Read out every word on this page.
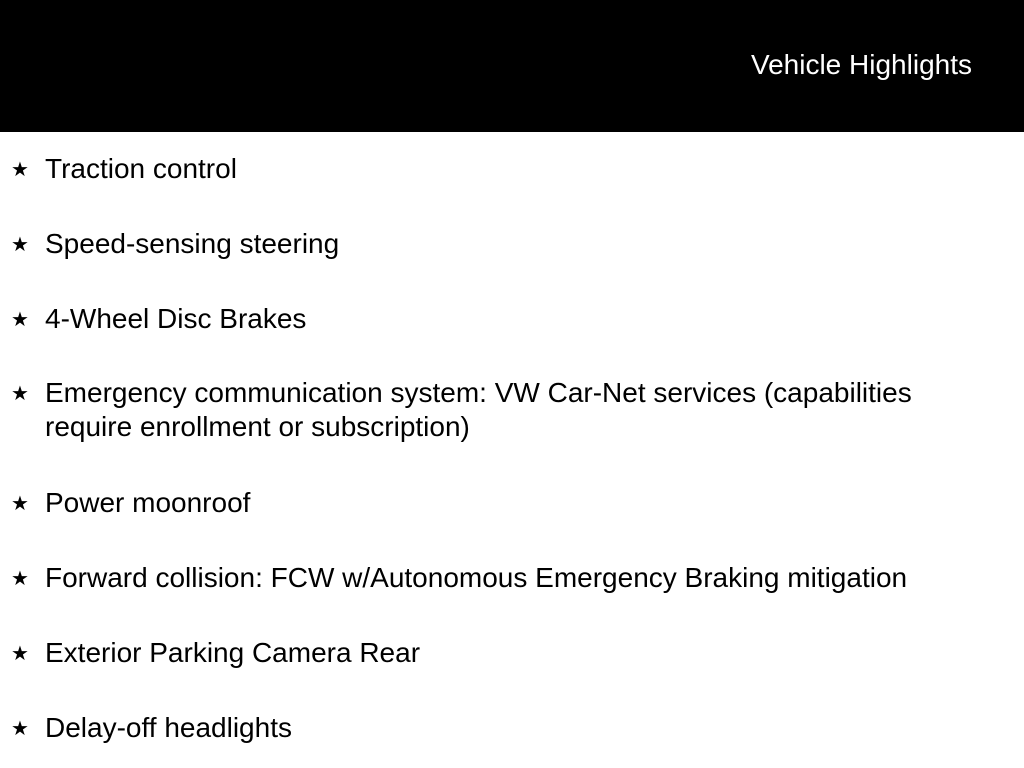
Vehicle Highlights
★ Traction control
★ Speed-sensing steering
★ 4-Wheel Disc Brakes
★ Emergency communication system: VW Car-Net services (capabilities require enrollment or subscription)
★ Power moonroof
★ Forward collision: FCW w/Autonomous Emergency Braking mitigation
★ Exterior Parking Camera Rear
★ Delay-off headlights
